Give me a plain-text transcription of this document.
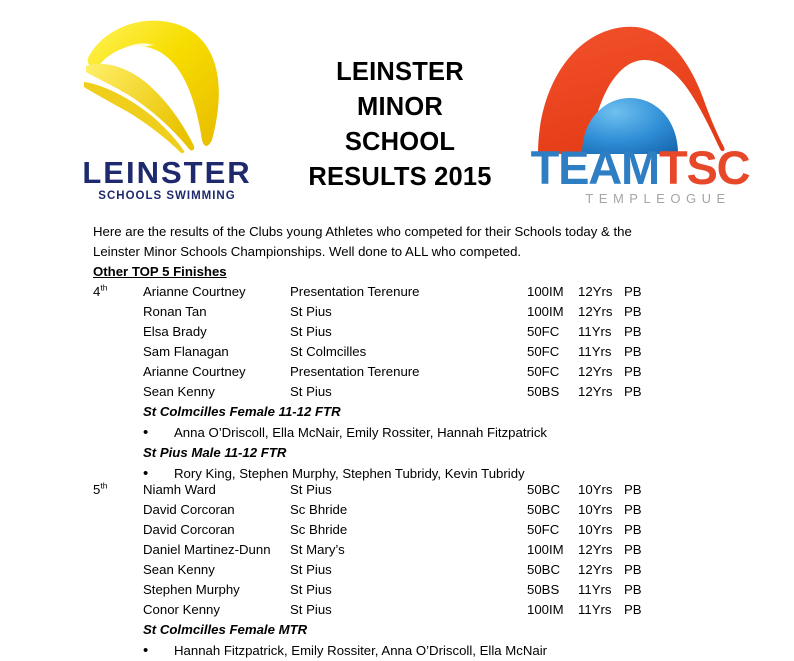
LEINSTER
SCHOOLS SWIMMING
LEINSTER
MINOR
SCHOOL
RESULTS 2015 TEAMTSC
TEMPLEOGUE

Here are the results of the Clubs young Athletes who competed for their Schools today & the

Leinster Minor Schools Championships. Well done to ALL who competed.

Other TOP 5 Finishes
4th	Arianne Courtney	Presentation Terenure	100IM	12Yrs PB
Ronan Tan	St Pius	100IM	12Yrs PB
Elsa Brady	St Pius	50FC	11Yrs PB
Sam Flanagan	St Colmcilles	50FC	11Yrs PB
Arianne Courtney	Presentation Terenure	50FC	12Yrs PB
Sean Kenny	St Pius	50BS	12Yrs PB
St Colmcilles Female 11-12 FTR
• Anna O’Driscoll, Ella McNair, Emily Rossiter, Hannah Fitzpatrick
St Pius Male 11-12 FTR
• Rory King, Stephen Murphy, Stephen Tubridy, Kevin Tubridy
5th	Niamh Ward	St Pius	50BC	10Yrs PB
David Corcoran	Sc Bhride	50BC	10Yrs PB
David Corcoran	Sc Bhride	50FC	10Yrs PB
Daniel Martinez-Dunn	St Mary’s	100IM	12Yrs PB
Sean Kenny	St Pius	50BC	12Yrs PB
Stephen Murphy	St Pius	50BS	11Yrs PB
Conor Kenny	St Pius	100IM	11Yrs PB
St Colmcilles Female MTR
• Hannah Fitzpatrick, Emily Rossiter, Anna O’Driscoll, Ella McNair
